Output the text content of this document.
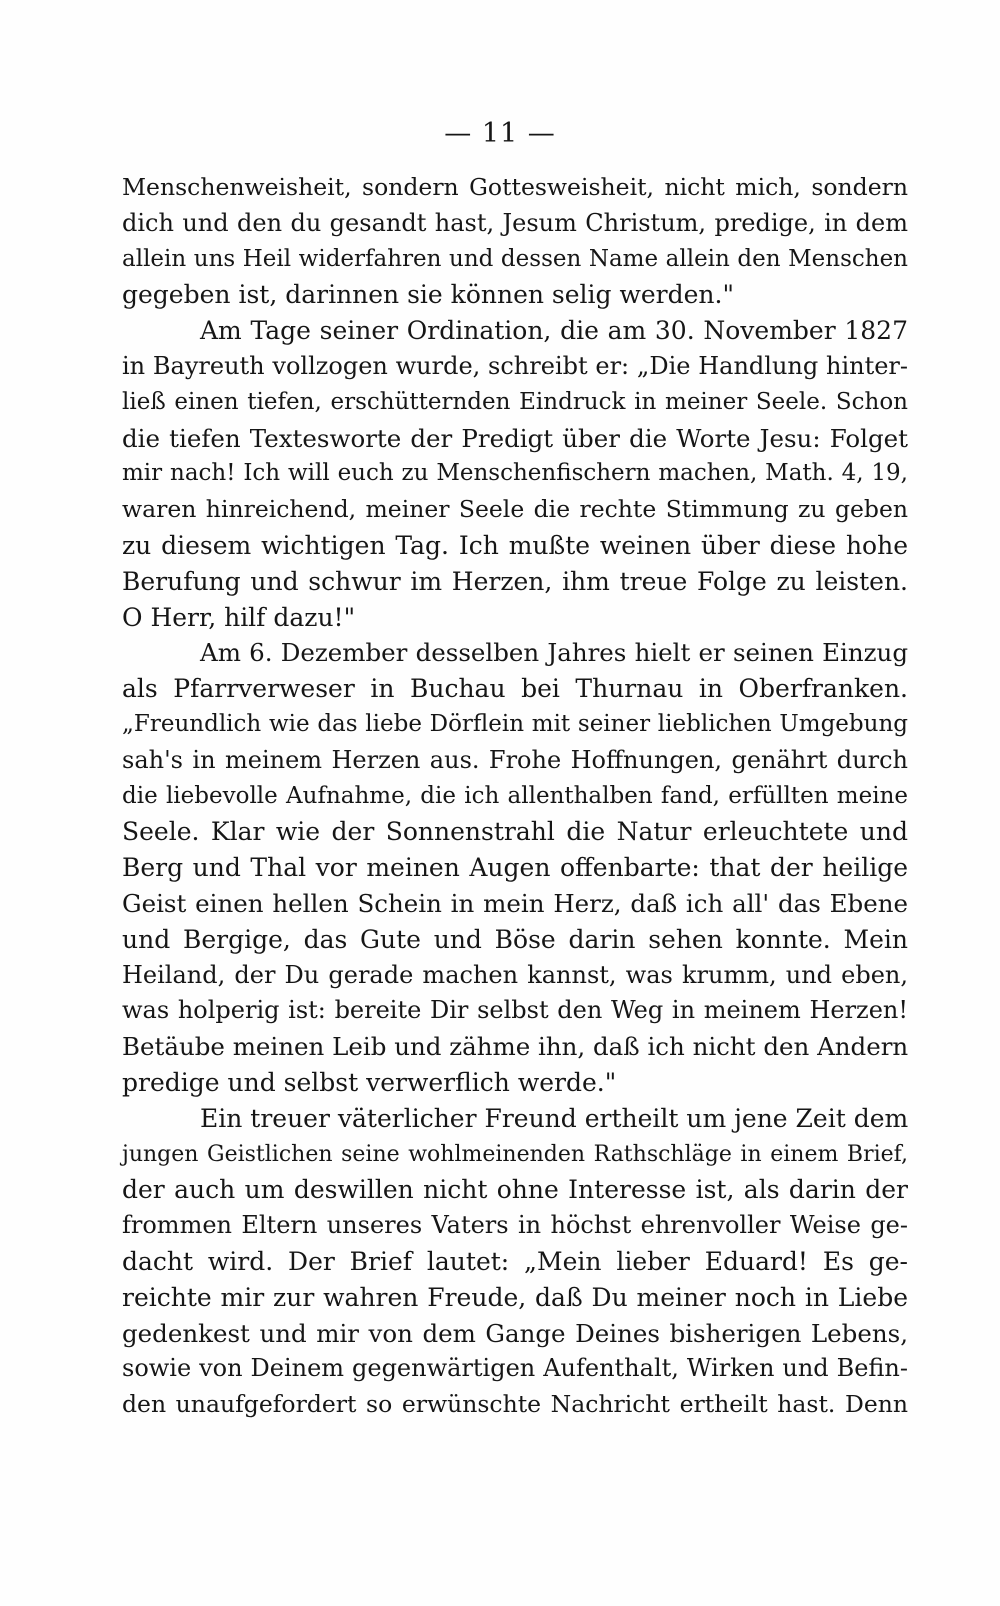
— 11 —
Menschenweisheit, sondern Gottesweisheit, nicht mich, sondern
dich und den du gesandt hast, Jesum Christum, predige, in dem
allein uns Heil widerfahren und dessen Name allein den Menschen
gegeben ist, darinnen sie können selig werden."
Am Tage seiner Ordination, die am 30. November 1827
in Bayreuth vollzogen wurde, schreibt er: „Die Handlung hinter-
ließ einen tiefen, erschütternden Eindruck in meiner Seele. Schon
die tiefen Textesworte der Predigt über die Worte Jesu: Folget
mir nach! Ich will euch zu Menschenfischern machen, Math. 4, 19,
waren hinreichend, meiner Seele die rechte Stimmung zu geben
zu diesem wichtigen Tag. Ich mußte weinen über diese hohe
Berufung und schwur im Herzen, ihm treue Folge zu leisten.
O Herr, hilf dazu!"
Am 6. Dezember desselben Jahres hielt er seinen Einzug
als Pfarrverweser in Buchau bei Thurnau in Oberfranken.
„Freundlich wie das liebe Dörflein mit seiner lieblichen Umgebung
sah's in meinem Herzen aus. Frohe Hoffnungen, genährt durch
die liebevolle Aufnahme, die ich allenthalben fand, erfüllten meine
Seele. Klar wie der Sonnenstrahl die Natur erleuchtete und
Berg und Thal vor meinen Augen offenbarte: that der heilige
Geist einen hellen Schein in mein Herz, daß ich all' das Ebene
und Bergige, das Gute und Böse darin sehen konnte. Mein
Heiland, der Du gerade machen kannst, was krumm, und eben,
was holperig ist: bereite Dir selbst den Weg in meinem Herzen!
Betäube meinen Leib und zähme ihn, daß ich nicht den Andern
predige und selbst verwerflich werde."
Ein treuer väterlicher Freund ertheilt um jene Zeit dem
jungen Geistlichen seine wohlmeinenden Rathschläge in einem Brief,
der auch um deswillen nicht ohne Interesse ist, als darin der
frommen Eltern unseres Vaters in höchst ehrenvoller Weise ge-
dacht wird. Der Brief lautet: „Mein lieber Eduard! Es ge-
reichte mir zur wahren Freude, daß Du meiner noch in Liebe
gedenkest und mir von dem Gange Deines bisherigen Lebens,
sowie von Deinem gegenwärtigen Aufenthalt, Wirken und Befin-
den unaufgefordert so erwünschte Nachricht ertheilt hast. Denn
